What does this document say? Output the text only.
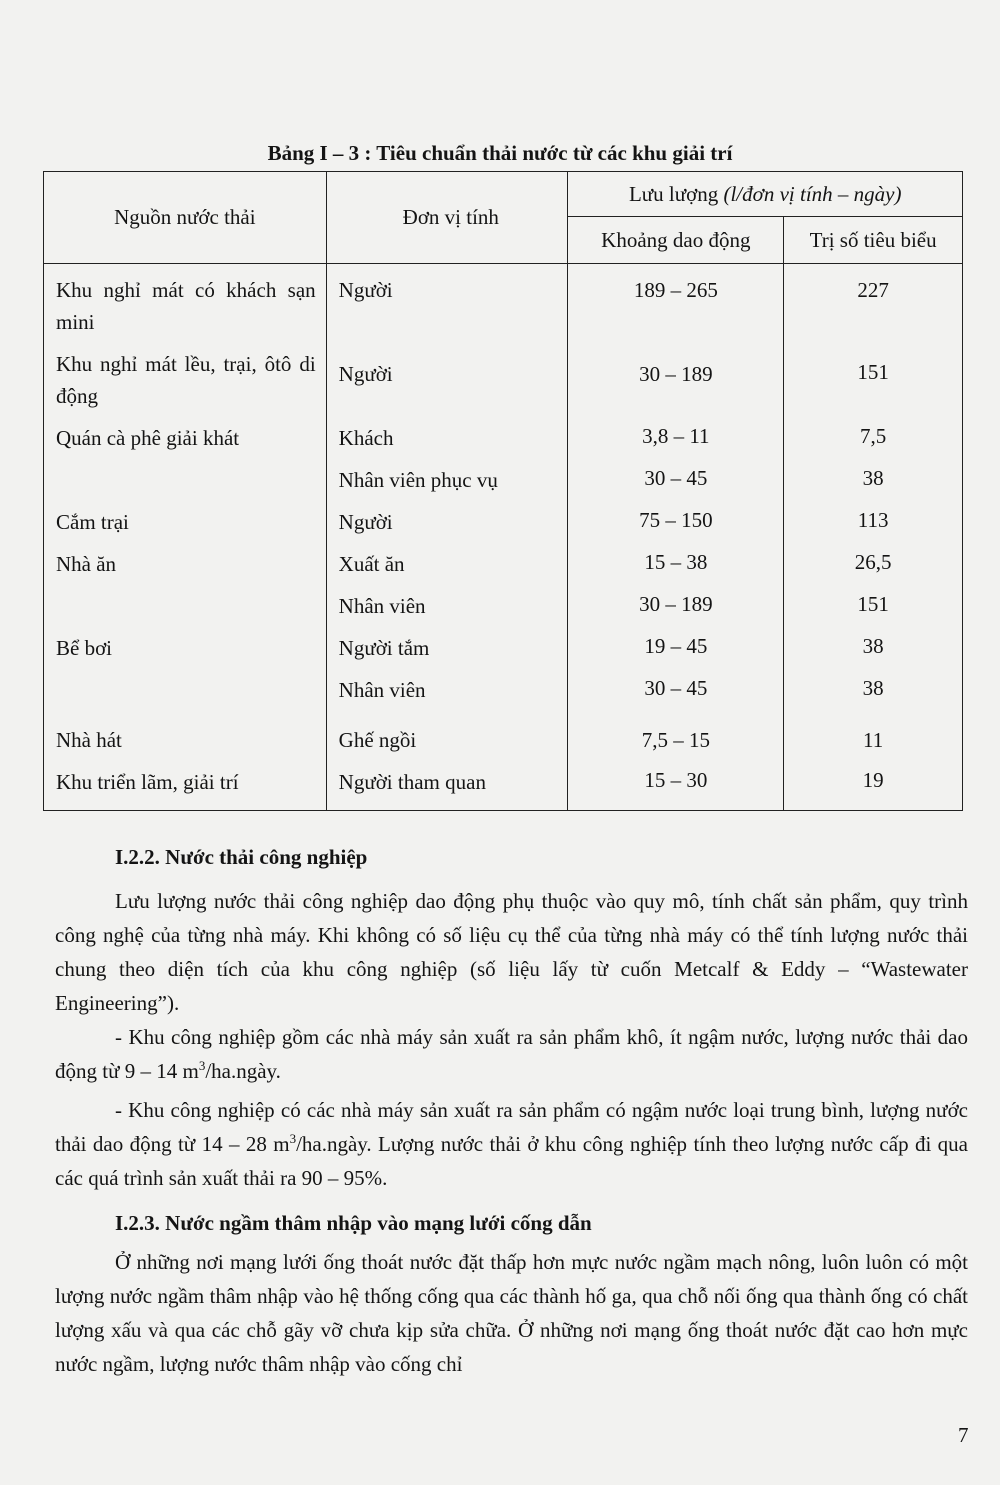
Bảng I – 3 : Tiêu chuẩn thải nước từ các khu giải trí
Nguồn nước thải	Đơn vị tính	Lưu lượng (l/đơn vị tính – ngày)	
		Khoảng dao động	Trị số tiêu biểu
Khu nghỉ mát có khách sạn mini	Người	189 – 265	227
Khu nghỉ mát lều, trại, ôtô di động	Người	30 – 189	151
Quán cà phê giải khát	Khách	3,8 – 11	7,5
	Nhân viên phục vụ	30 – 45	38
Cắm trại	Người	75 – 150	113
Nhà ăn	Xuất ăn	15 – 38	26,5
	Nhân viên	30 – 189	151
Bể bơi	Người tắm	19 – 45	38
	Nhân viên	30 – 45	38
Nhà hát	Ghế ngồi	7,5 – 15	11
Khu triển lãm, giải trí	Người tham quan	15 – 30	19
I.2.2. Nước thải công nghiệp
Lưu lượng nước thải công nghiệp dao động phụ thuộc vào quy mô, tính chất sản phẩm, quy trình công nghệ của từng nhà máy. Khi không có số liệu cụ thể của từng nhà máy có thể tính lượng nước thải chung theo diện tích của khu công nghiệp (số liệu lấy từ cuốn Metcalf & Eddy – “Wastewater Engineering”).
- Khu công nghiệp gồm các nhà máy sản xuất ra sản phẩm khô, ít ngậm nước, lượng nước thải dao động từ 9 – 14 $m^3/ha.ngày$.
- Khu công nghiệp có các nhà máy sản xuất ra sản phẩm có ngậm nước loại trung bình, lượng nước thải dao động từ 14 – 28 $m^3/ha.ngày$. Lượng nước thải ở khu công nghiệp tính theo lượng nước cấp đi qua các quá trình sản xuất thải ra 90 – 95%.
I.2.3. Nước ngầm thâm nhập vào mạng lưới cống dẫn
Ở những nơi mạng lưới ống thoát nước đặt thấp hơn mực nước ngầm mạch nông, luôn luôn có một lượng nước ngầm thâm nhập vào hệ thống cống qua các thành hố ga, qua chỗ nối ống qua thành ống có chất lượng xấu và qua các chỗ gãy vỡ chưa kịp sửa chữa. Ở những nơi mạng ống thoát nước đặt cao hơn mực nước ngầm, lượng nước thâm nhập vào cống chỉ
7
